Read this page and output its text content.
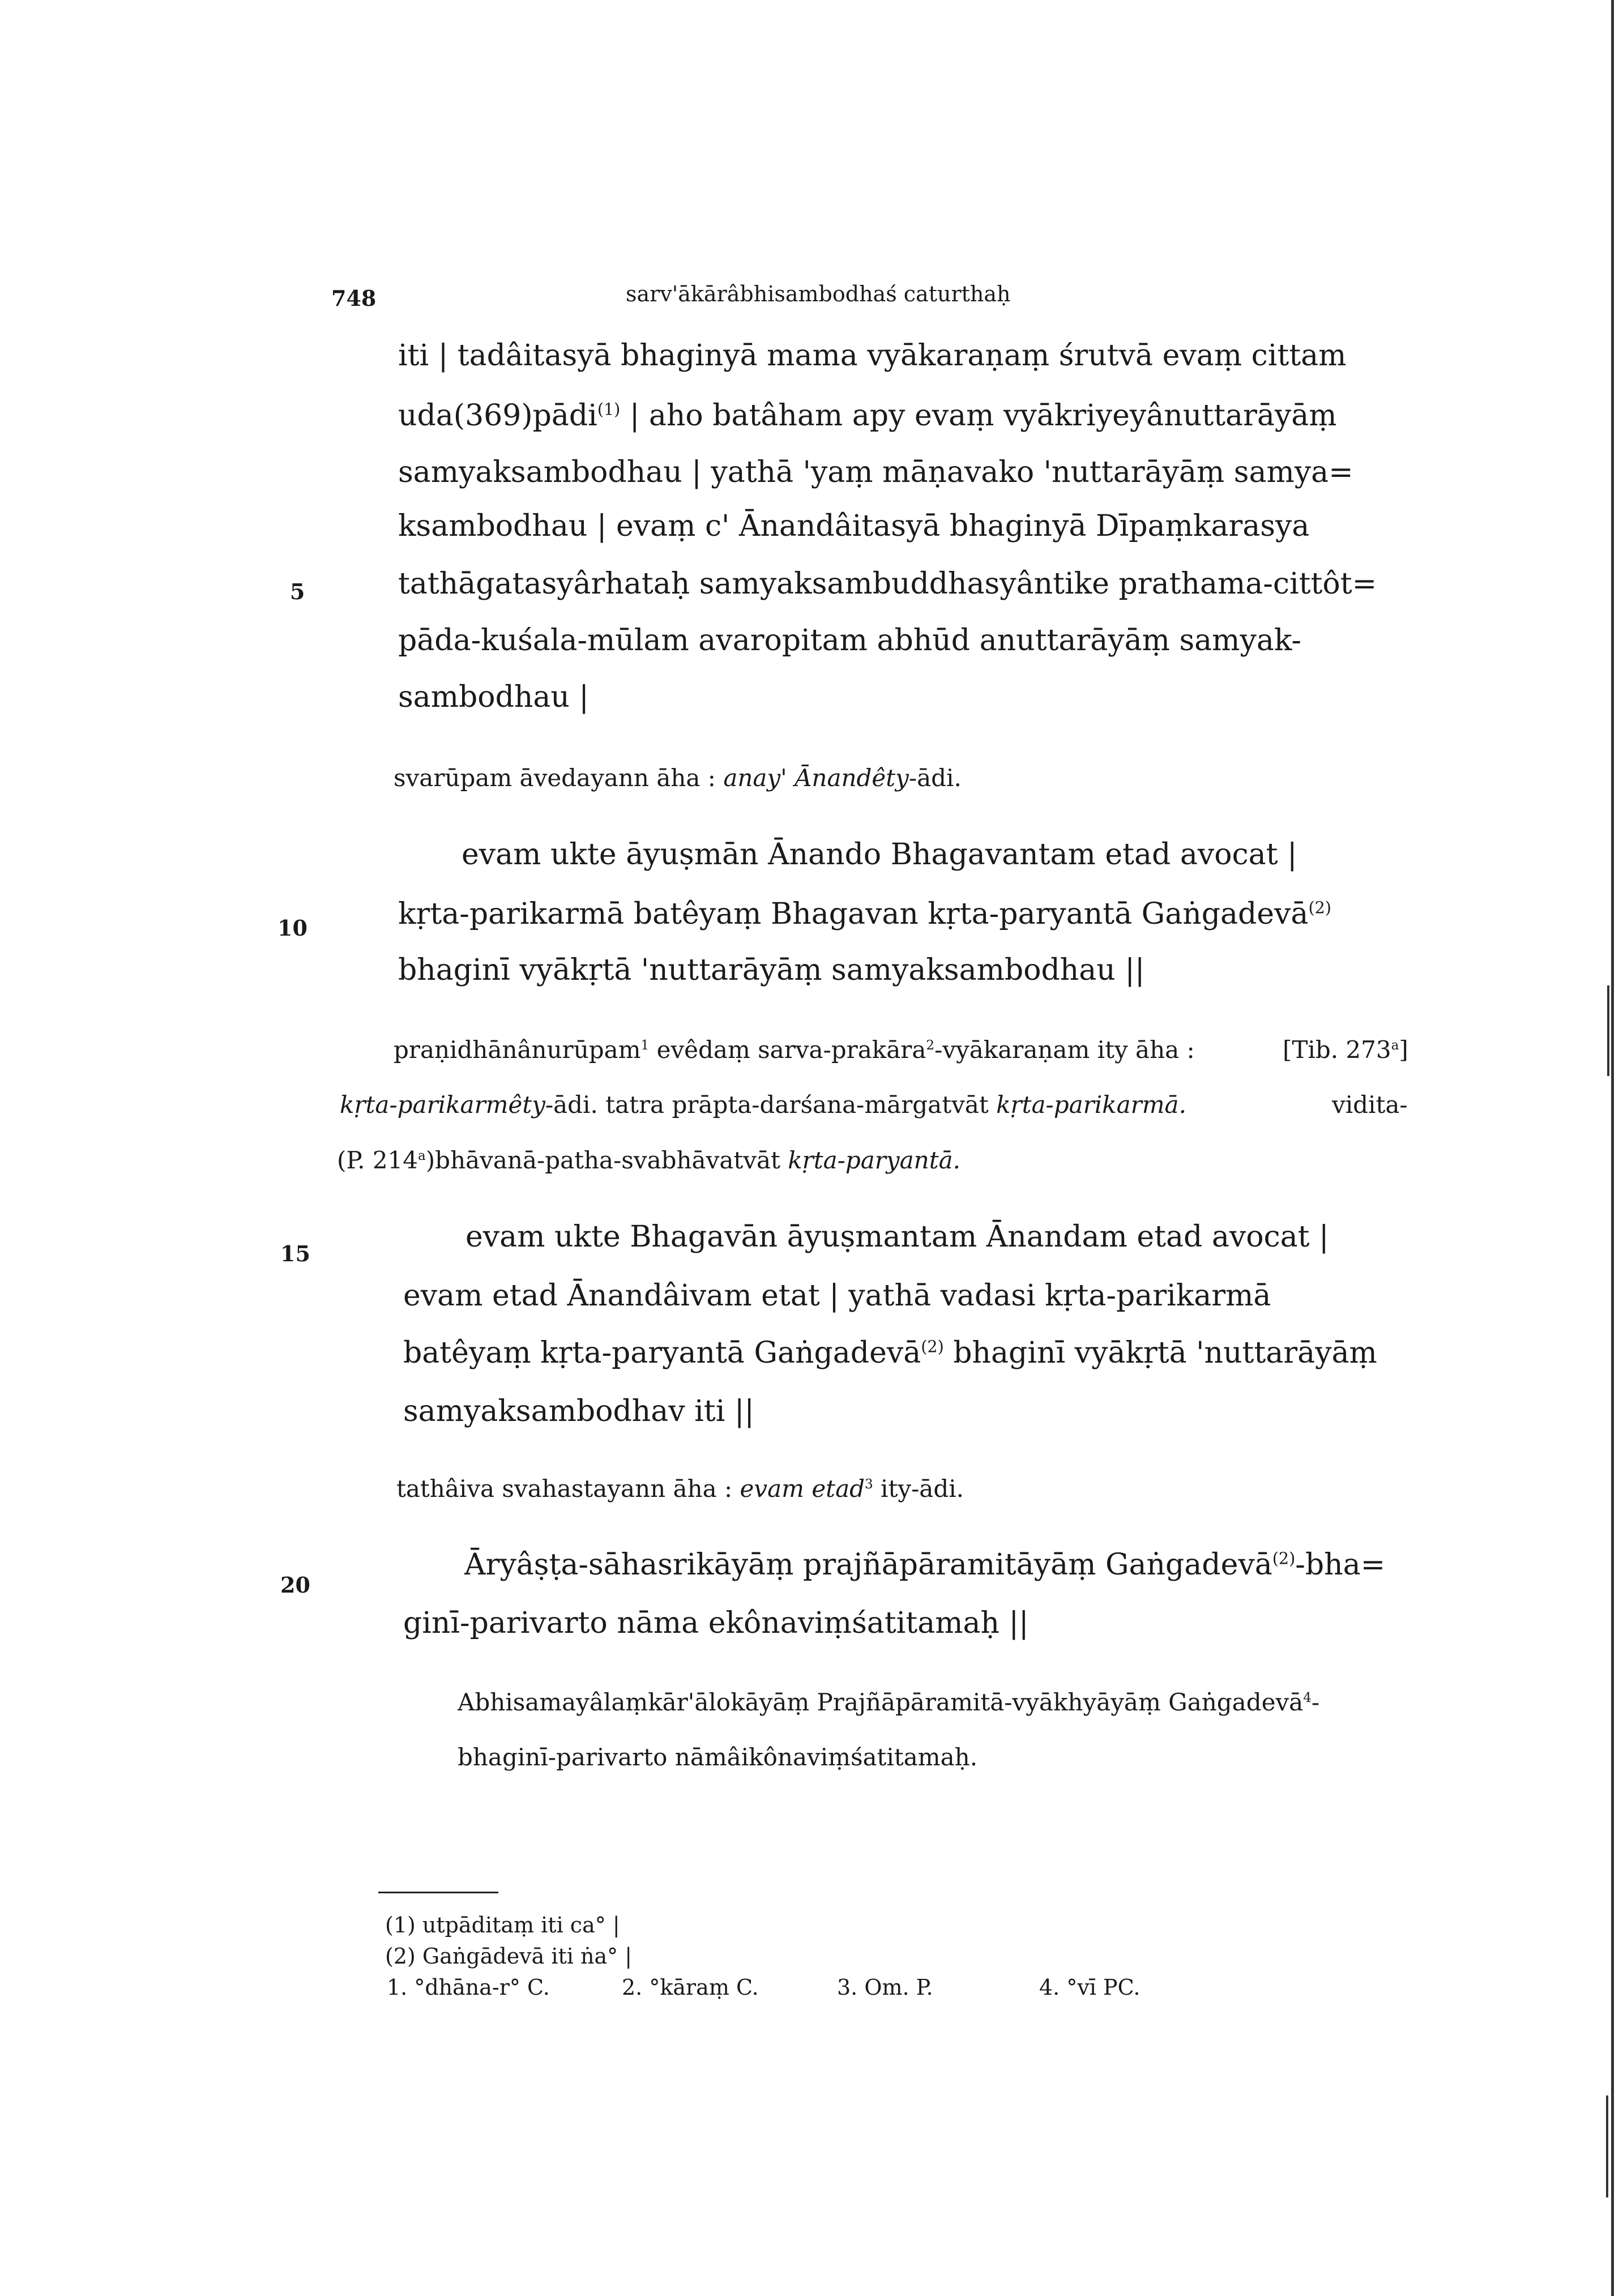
748	sarv'ākārâbhisambodhaś caturthaḥ
5
10
15
20
iti | tadâitasyā bhaginyā mama vyākaraṇaṃ śrutvā evaṃ cittam
uda(369)pādi$^{(1)}$ | aho batâham apy evaṃ vyākriyeyânuttarāyāṃ
samyaksambodhau | yathā 'yaṃ māṇavako 'nuttarāyāṃ samya=
ksambodhau | evaṃ c' Ānandâitasyā bhaginyā Dīpaṃkarasya
tathāgatasyârhataḥ samyaksambuddhasyântike prathama-cittôt=
pāda-kuśala-mūlam avaropitam abhūd anuttarāyāṃ samyak-
sambodhau |
svarūpam āvedayann āha : anay' Ānandêty-ādi.
evam ukte āyuṣmān Ānando Bhagavantam etad avocat |
kṛta-parikarmā batêyaṃ Bhagavan kṛta-paryantā Gaṅgadevā$^{(2)}$
bhaginī vyākṛtā 'nuttarāyāṃ samyaksambodhau ||
praṇidhānânurūpam$^1$ evêdaṃ sarva-prakāra$^2$-vyākaraṇam ity āha :	[Tib. 273$^a$]
kṛta-parikarmêty-ādi. tatra prāpta-darśana-mārgatvāt kṛta-parikarmā.	vidita-
(P. 214$^a$)bhāvanā-patha-svabhāvatvāt kṛta-paryantā.
evam ukte Bhagavān āyuṣmantam Ānandam etad avocat |
evam etad Ānandâivam etat | yathā vadasi kṛta-parikarmā
batêyaṃ kṛta-paryantā Gaṅgadevā$^{(2)}$ bhaginī vyākṛtā 'nuttarāyāṃ
samyaksambodhav iti ||
tathâiva svahastayann āha : evam etad$^3$ ity-ādi.
Āryâṣṭa-sāhasrikāyāṃ prajñāpāramitāyāṃ Gaṅgadevā$^{(2)}$-bha=
ginī-parivarto nāma ekônaviṃśatitamaḥ ||
Abhisamayâlaṃkār'ālokāyāṃ Prajñāpāramitā-vyākhyāyāṃ Gaṅgadevā$^4$-
bhaginī-parivarto nāmâikônaviṃśatitamaḥ.
(1) utpāditaṃ iti ca° |
(2) Gaṅgādevā iti ṅa° |
1. °dhāna-r° C.	2. °kāraṃ C.	3. Om. P.	4. °vī PC.
